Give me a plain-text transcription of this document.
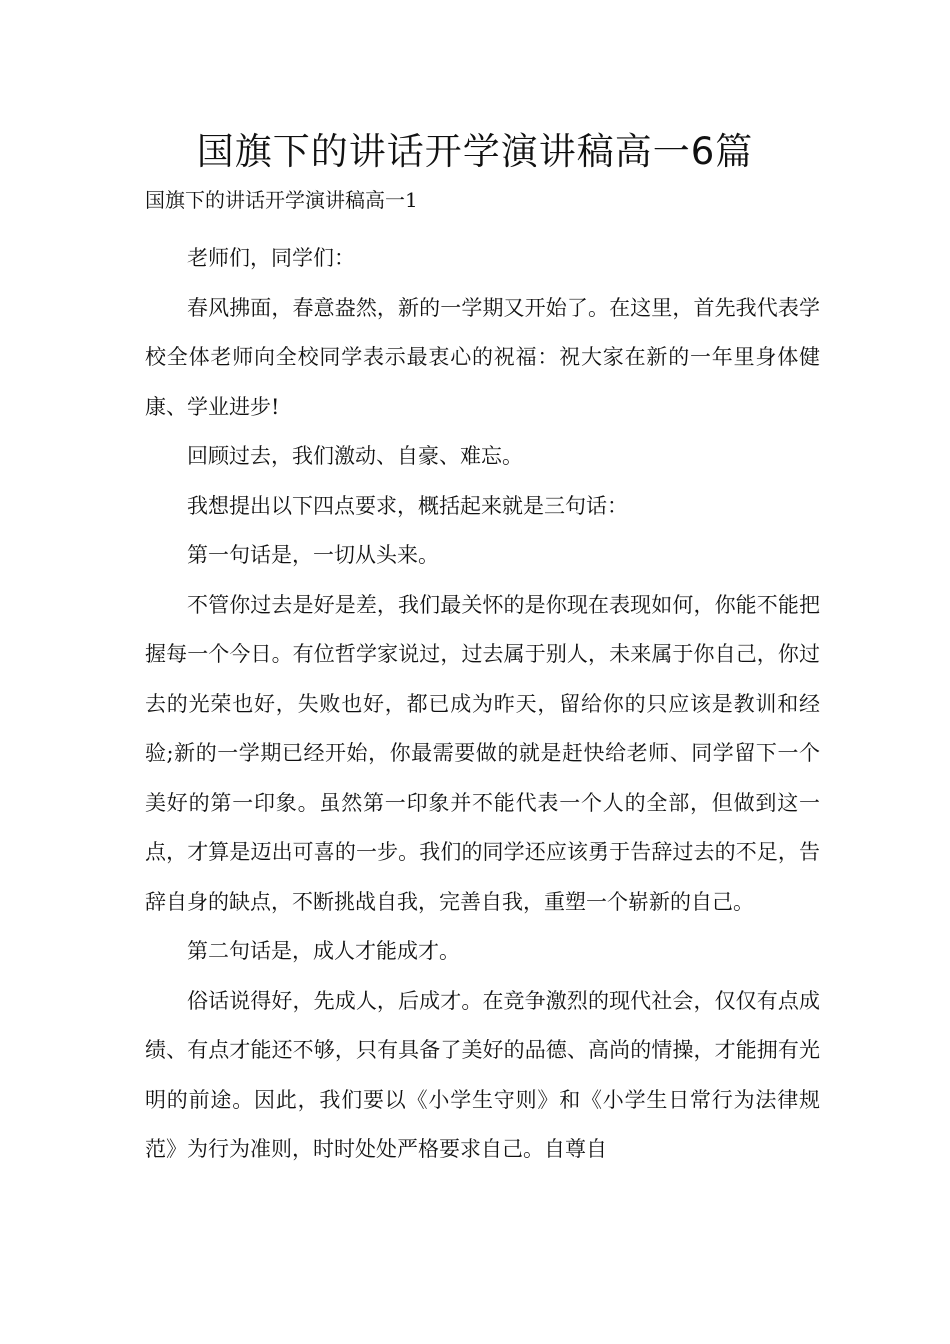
国旗下的讲话开学演讲稿高一6篇
国旗下的讲话开学演讲稿高一1

老师们，同学们：

春风拂面，春意盎然，新的一学期又开始了。在这里，首先我代表学校全体老师向全校同学表示最衷心的祝福：祝大家在新的一年里身体健康、学业进步!

回顾过去，我们激动、自豪、难忘。

我想提出以下四点要求，概括起来就是三句话：

第一句话是，一切从头来。

不管你过去是好是差，我们最关怀的是你现在表现如何，你能不能把握每一个今日。有位哲学家说过，过去属于别人，未来属于你自己，你过去的光荣也好，失败也好，都已成为昨天，留给你的只应该是教训和经验;新的一学期已经开始，你最需要做的就是赶快给老师、同学留下一个美好的第一印象。虽然第一印象并不能代表一个人的全部，但做到这一点，才算是迈出可喜的一步。我们的同学还应该勇于告辞过去的不足，告辞自身的缺点，不断挑战自我，完善自我，重塑一个崭新的自己。

第二句话是，成人才能成才。

俗话说得好，先成人，后成才。在竞争激烈的现代社会，仅仅有点成绩、有点才能还不够，只有具备了美好的品德、高尚的情操，才能拥有光明的前途。因此，我们要以《小学生守则》和《小学生日常行为法律规范》为行为准则，时时处处严格要求自己。自尊自
